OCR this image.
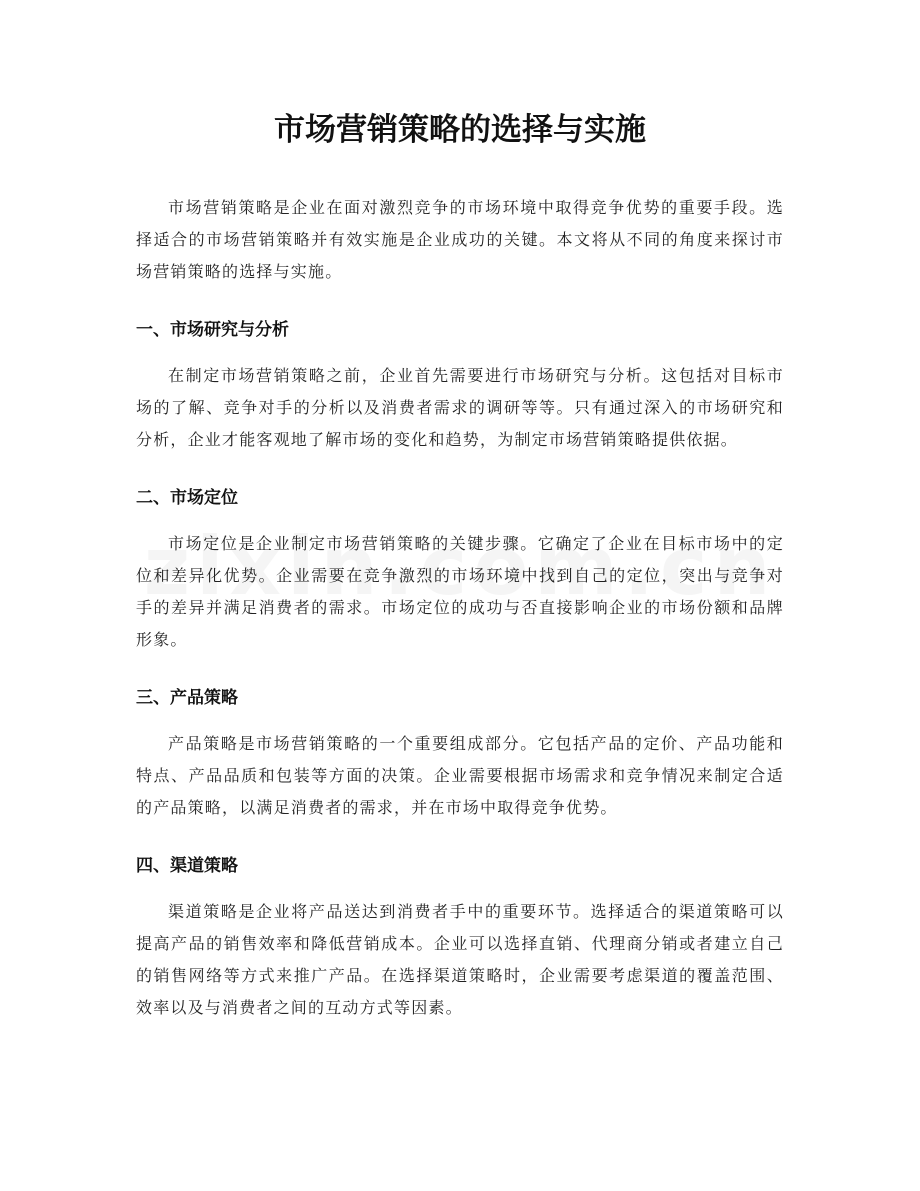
市场营销策略的选择与实施

市场营销策略是企业在面对激烈竞争的市场环境中取得竞争优势的重要手段。选择适合的市场营销策略并有效实施是企业成功的关键。本文将从不同的角度来探讨市场营销策略的选择与实施。

一、市场研究与分析

在制定市场营销策略之前，企业首先需要进行市场研究与分析。这包括对目标市场的了解、竞争对手的分析以及消费者需求的调研等等。只有通过深入的市场研究和分析，企业才能客观地了解市场的变化和趋势，为制定市场营销策略提供依据。

二、市场定位

市场定位是企业制定市场营销策略的关键步骤。它确定了企业在目标市场中的定位和差异化优势。企业需要在竞争激烈的市场环境中找到自己的定位，突出与竞争对手的差异并满足消费者的需求。市场定位的成功与否直接影响企业的市场份额和品牌形象。

三、产品策略

产品策略是市场营销策略的一个重要组成部分。它包括产品的定价、产品功能和特点、产品品质和包装等方面的决策。企业需要根据市场需求和竞争情况来制定合适的产品策略，以满足消费者的需求，并在市场中取得竞争优势。

四、渠道策略

渠道策略是企业将产品送达到消费者手中的重要环节。选择适合的渠道策略可以提高产品的销售效率和降低营销成本。企业可以选择直销、代理商分销或者建立自己的销售网络等方式来推广产品。在选择渠道策略时，企业需要考虑渠道的覆盖范围、效率以及与消费者之间的互动方式等因素。
